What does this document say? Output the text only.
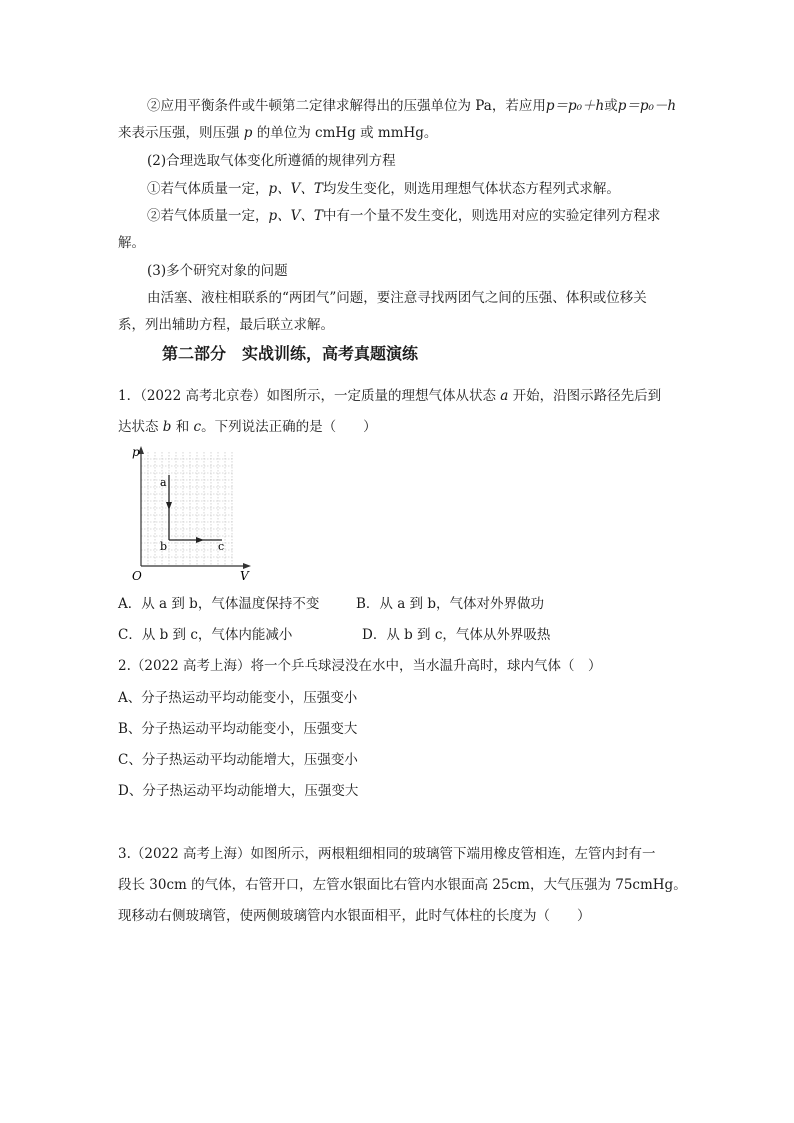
②应用平衡条件或牛顿第二定律求解得出的压强单位为 Pa，若应用p＝p₀＋h或p＝p₀－h
来表示压强，则压强 p 的单位为 cmHg 或 mmHg。
(2)合理选取气体变化所遵循的规律列方程
①若气体质量一定，p、V、T均发生变化，则选用理想气体状态方程列式求解。
②若气体质量一定，p、V、T中有一个量不发生变化，则选用对应的实验定律列方程求
解。
(3)多个研究对象的问题
由活塞、液柱相联系的“两团气”问题，要注意寻找两团气之间的压强、体积或位移关
系，列出辅助方程，最后联立求解。
第二部分　实战训练，高考真题演练
1．（2022 高考北京卷）如图所示，一定质量的理想气体从状态 a 开始，沿图示路径先后到
达状态 b 和 c。下列说法正确的是（　　）
p
V
O
a
b	c
A．从 a 到 b，气体温度保持不变	B．从 a 到 b，气体对外界做功
C．从 b 到 c，气体内能减小	D．从 b 到 c，气体从外界吸热
2.（2022 高考上海）将一个乒乓球浸没在水中，当水温升高时，球内气体（　）
A、分子热运动平均动能变小，压强变小
B、分子热运动平均动能变小，压强变大
C、分子热运动平均动能增大，压强变小
D、分子热运动平均动能增大，压强变大
3.（2022 高考上海）如图所示，两根粗细相同的玻璃管下端用橡皮管相连，左管内封有一
段长 30cm 的气体，右管开口，左管水银面比右管内水银面高 25cm，大气压强为 75cmHg。
现移动右侧玻璃管，使两侧玻璃管内水银面相平，此时气体柱的长度为（　　）
